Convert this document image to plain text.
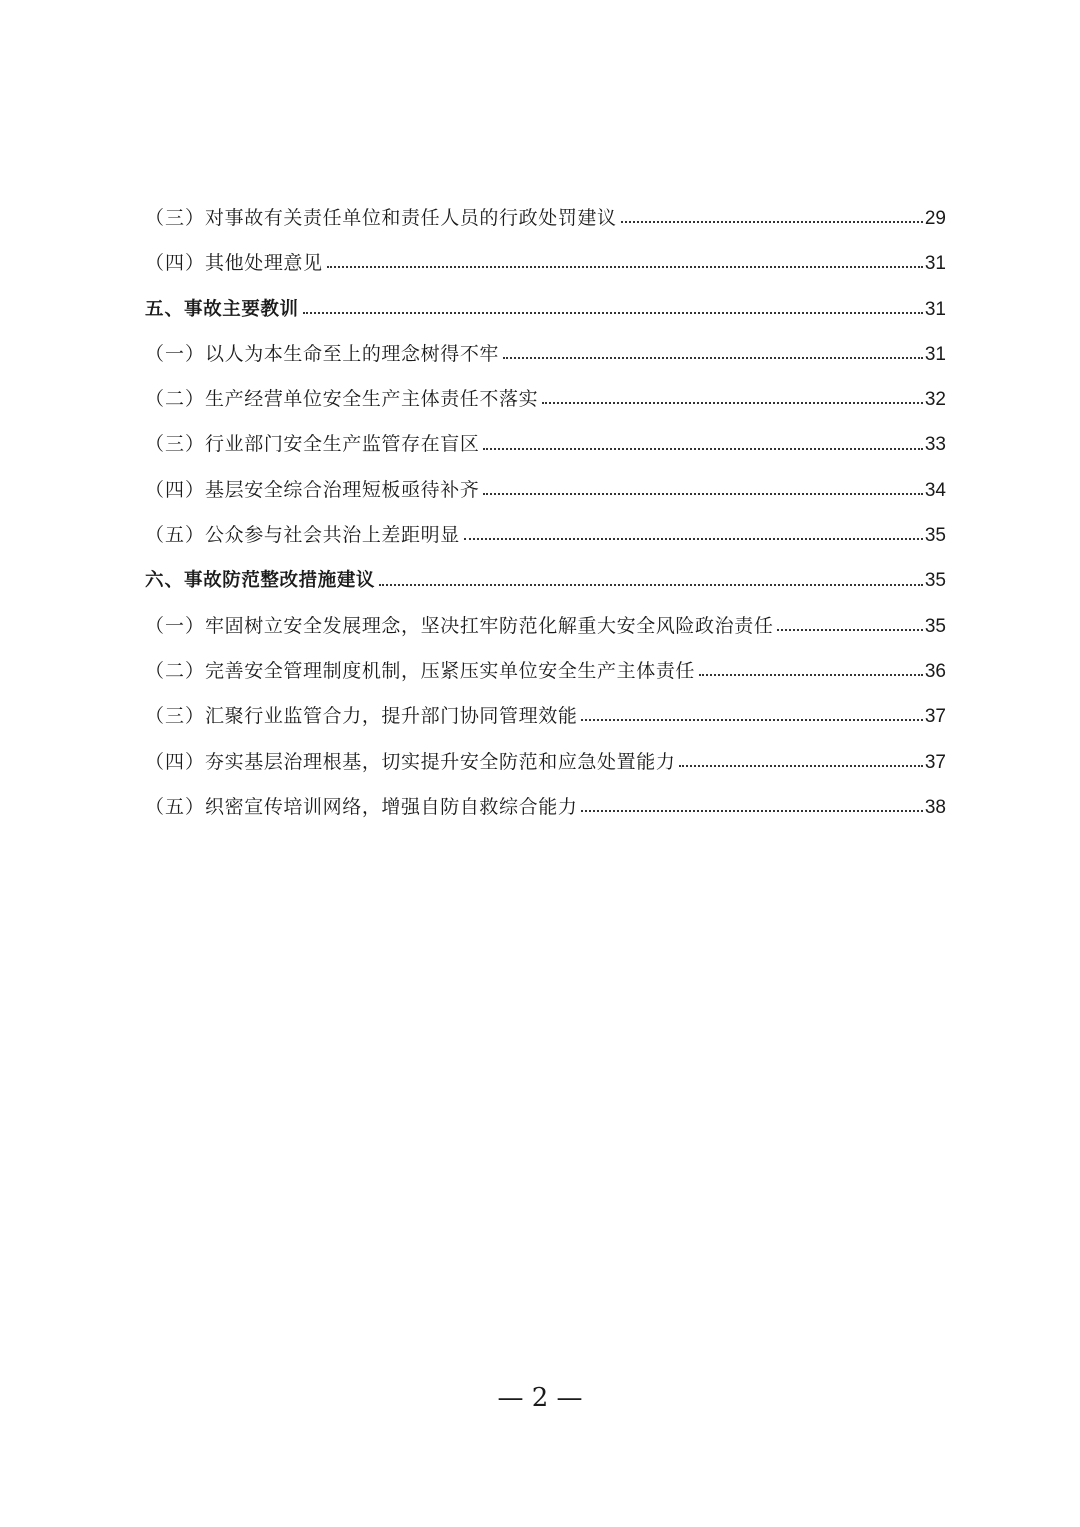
（三） 对事故有关责任单位和责任人员的行政处罚建议	29
（四） 其他处理意见	31
五、 事故主要教训	31
（一） 以人为本生命至上的理念树得不牢	31
（二） 生产经营单位安全生产主体责任不落实	32
（三） 行业部门安全生产监管存在盲区	33
（四） 基层安全综合治理短板亟待补齐	34
（五） 公众参与社会共治上差距明显	35
六、 事故防范整改措施建议	35
（一） 牢固树立安全发展理念，坚决扛牢防范化解重大安全风险政治责任	35
（二） 完善安全管理制度机制，压紧压实单位安全生产主体责任	36
（三） 汇聚行业监管合力，提升部门协同管理效能	37
（四） 夯实基层治理根基，切实提升安全防范和应急处置能力	37
（五） 织密宣传培训网络，增强自防自救综合能力	38
— 2 —
